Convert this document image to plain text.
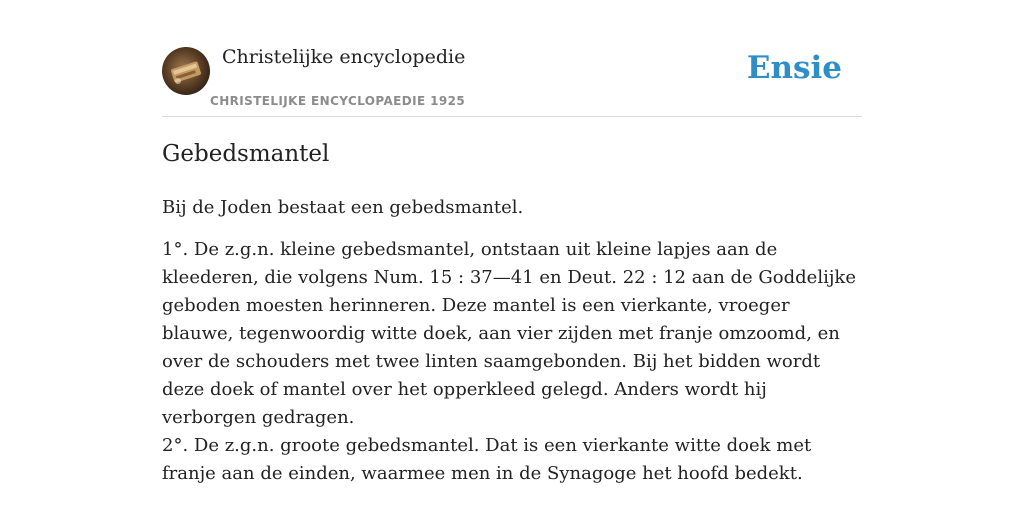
Christelijke encyclopedie
CHRISTELIJKE ENCYCLOPAEDIE 1925
Ensie
Gebedsmantel

Bij de Joden bestaat een gebedsmantel.

1°. De z.g.n. kleine gebedsmantel, ontstaan uit kleine lapjes aan de kleederen, die volgens Num. 15 : 37—41 en Deut. 22 : 12 aan de Goddelijke geboden moesten herinneren. Deze mantel is een vierkante, vroeger blauwe, tegenwoordig witte doek, aan vier zijden met franje omzoomd, en over de schouders met twee linten saamgebonden. Bij het bidden wordt deze doek of mantel over het opperkleed gelegd. Anders wordt hij verborgen gedragen.

2°. De z.g.n. groote gebedsmantel. Dat is een vierkante witte doek met franje aan de einden, waarmee men in de Synagoge het hoofd bedekt.
